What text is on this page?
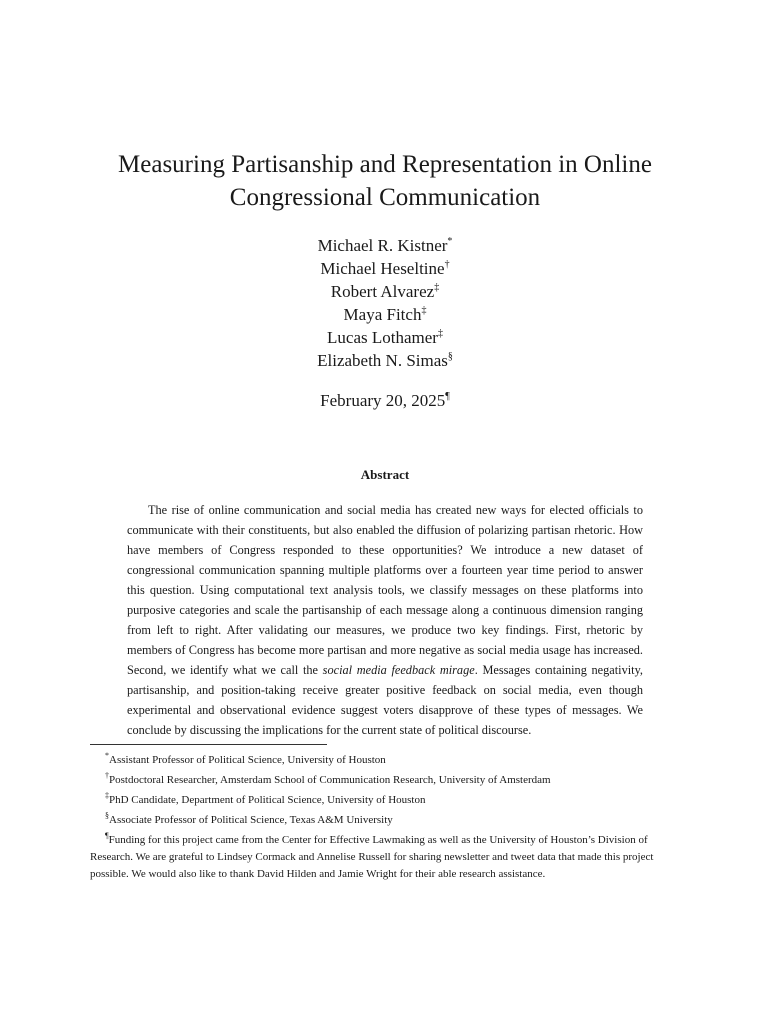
Measuring Partisanship and Representation in Online Congressional Communication
Michael R. Kistner*
Michael Heseltine†
Robert Alvarez‡
Maya Fitch‡
Lucas Lothamer‡
Elizabeth N. Simas§
February 20, 2025¶
Abstract

The rise of online communication and social media has created new ways for elected officials to communicate with their constituents, but also enabled the diffusion of polarizing partisan rhetoric. How have members of Congress responded to these opportunities? We introduce a new dataset of congressional communication spanning multiple platforms over a fourteen year time period to answer this question. Using computational text analysis tools, we classify messages on these platforms into purposive categories and scale the partisanship of each message along a continuous dimension ranging from left to right. After validating our measures, we produce two key findings. First, rhetoric by members of Congress has become more partisan and more negative as social media usage has increased. Second, we identify what we call the social media feedback mirage. Messages containing negativity, partisanship, and position-taking receive greater positive feedback on social media, even though experimental and observational evidence suggest voters disapprove of these types of messages. We conclude by discussing the implications for the current state of political discourse.

*Assistant Professor of Political Science, University of Houston

†Postdoctoral Researcher, Amsterdam School of Communication Research, University of Amsterdam

‡PhD Candidate, Department of Political Science, University of Houston

§Associate Professor of Political Science, Texas A&M University

¶Funding for this project came from the Center for Effective Lawmaking as well as the University of Houston’s Division of Research. We are grateful to Lindsey Cormack and Annelise Russell for sharing newsletter and tweet data that made this project possible. We would also like to thank David Hilden and Jamie Wright for their able research assistance.
